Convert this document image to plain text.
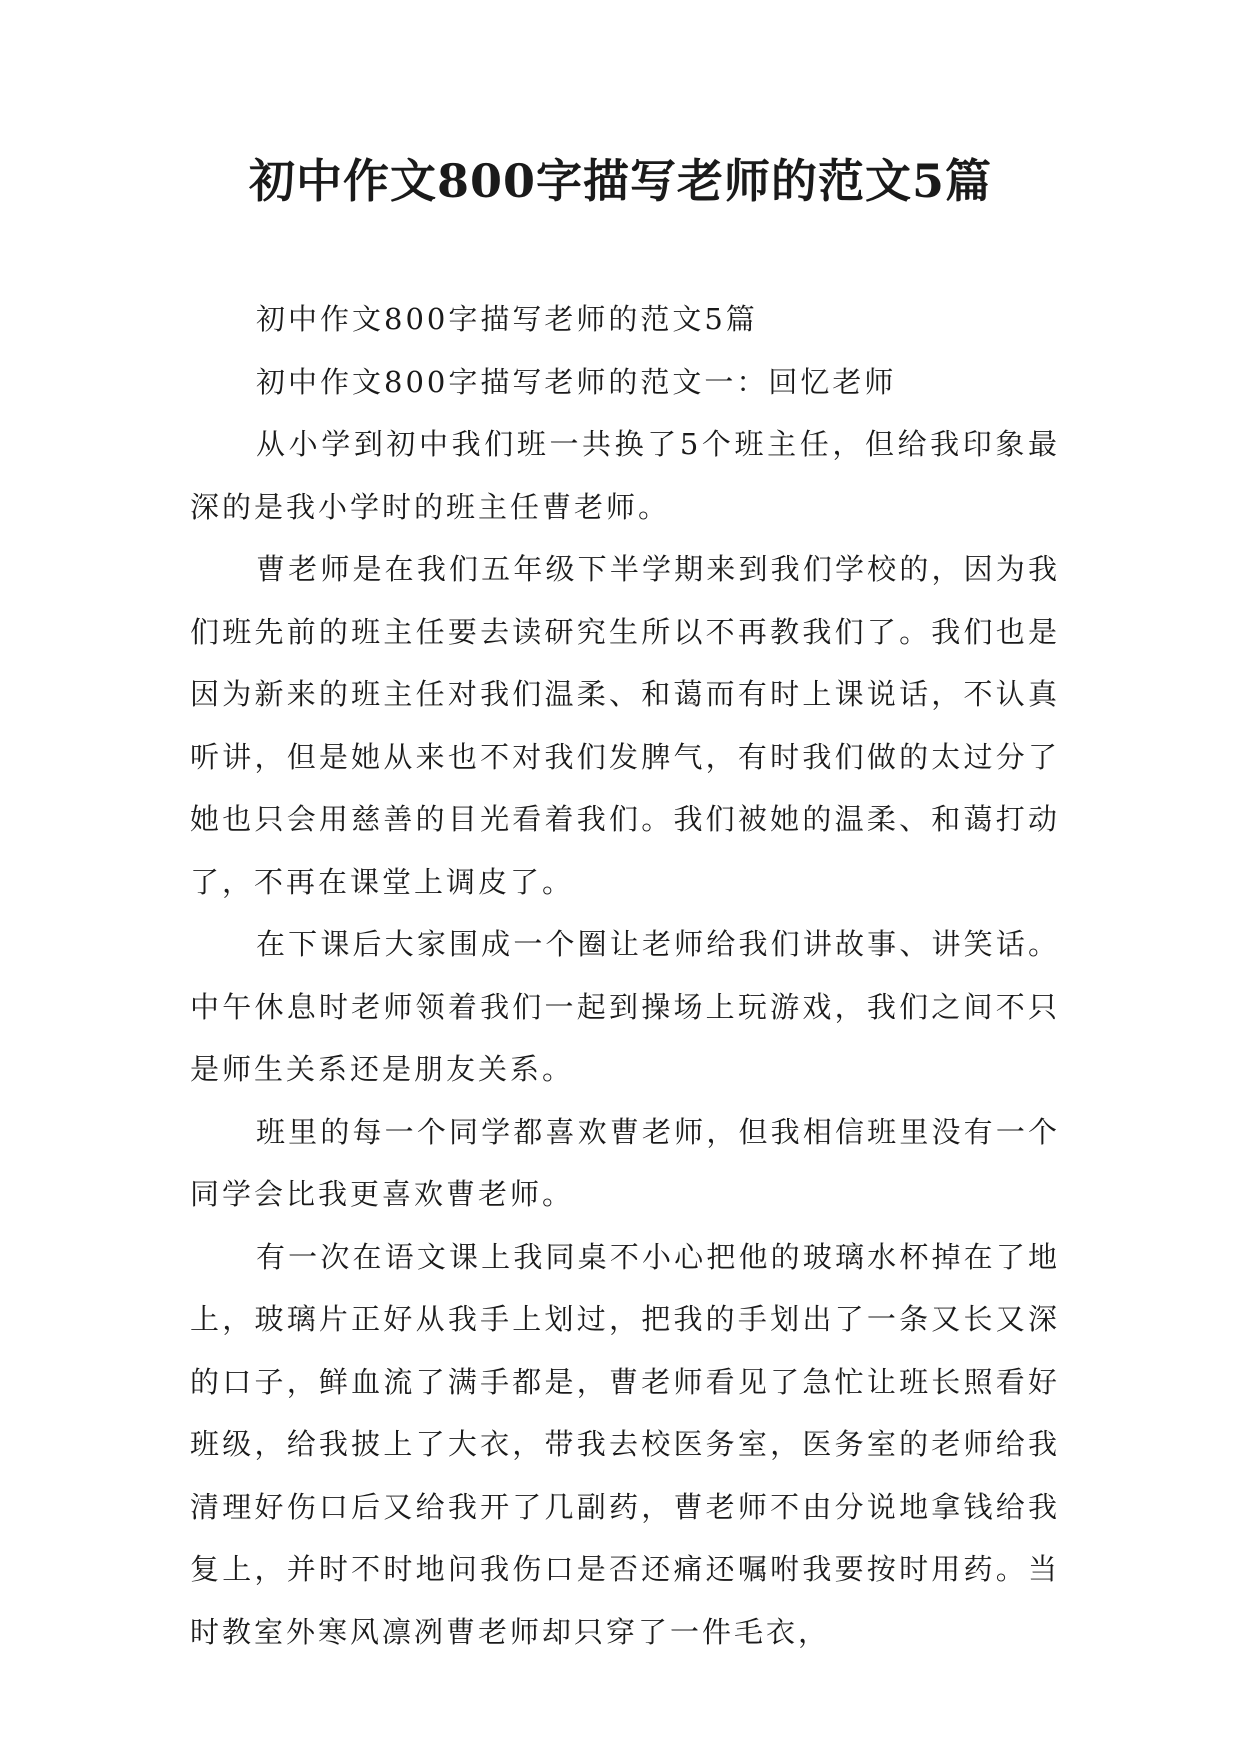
初中作文800字描写老师的范文5篇

初中作文800字描写老师的范文5篇

初中作文800字描写老师的范文一：回忆老师

从小学到初中我们班一共换了5个班主任，但给我印象最深的是我小学时的班主任曹老师。

曹老师是在我们五年级下半学期来到我们学校的，因为我们班先前的班主任要去读研究生所以不再教我们了。我们也是因为新来的班主任对我们温柔、和蔼而有时上课说话，不认真听讲，但是她从来也不对我们发脾气，有时我们做的太过分了她也只会用慈善的目光看着我们。我们被她的温柔、和蔼打动了，不再在课堂上调皮了。

在下课后大家围成一个圈让老师给我们讲故事、讲笑话。中午休息时老师领着我们一起到操场上玩游戏，我们之间不只是师生关系还是朋友关系。

班里的每一个同学都喜欢曹老师，但我相信班里没有一个同学会比我更喜欢曹老师。

有一次在语文课上我同桌不小心把他的玻璃水杯掉在了地上，玻璃片正好从我手上划过，把我的手划出了一条又长又深的口子，鲜血流了满手都是，曹老师看见了急忙让班长照看好班级，给我披上了大衣，带我去校医务室，医务室的老师给我清理好伤口后又给我开了几副药，曹老师不由分说地拿钱给我复上，并时不时地问我伤口是否还痛还嘱咐我要按时用药。当时教室外寒风凛冽曹老师却只穿了一件毛衣，
